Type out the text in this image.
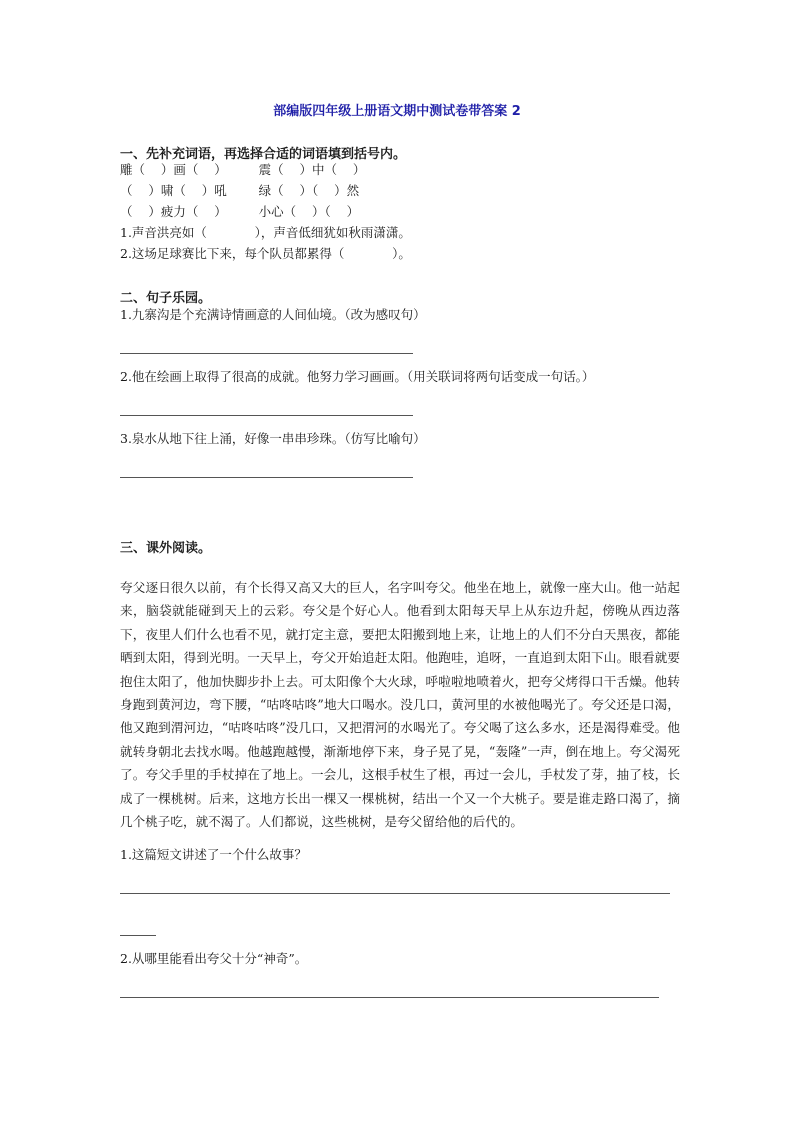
部编版四年级上册语文期中测试卷带答案 2
一、先补充词语，再选择合适的词语填到括号内。
雕（    ）画（    ）        震（    ）中（    ）
（    ）啸（    ）吼        绿（    ）（    ）然
（    ）疲力（    ）        小心（    ）（    ）
1.声音洪亮如（            ），声音低细犹如秋雨潇潇。
2.这场足球赛比下来，每个队员都累得（            ）。
二、句子乐园。
1.九寨沟是个充满诗情画意的人间仙境。（改为感叹句）
2.他在绘画上取得了很高的成就。他努力学习画画。（用关联词将两句话变成一句话。）
3.泉水从地下往上涌，好像一串串珍珠。（仿写比喻句）
三、课外阅读。
夸父逐日很久以前，有个长得又高又大的巨人，名字叫夸父。他坐在地上，就像一座大山。他一站起来，脑袋就能碰到天上的云彩。夸父是个好心人。他看到太阳每天早上从东边升起，傍晚从西边落下，夜里人们什么也看不见，就打定主意，要把太阳搬到地上来，让地上的人们不分白天黑夜，都能晒到太阳，得到光明。一天早上，夸父开始追赶太阳。他跑哇，追呀，一直追到太阳下山。眼看就要抱住太阳了，他加快脚步扑上去。可太阳像个大火球，呼啦啦地喷着火，把夸父烤得口干舌燥。他转身跑到黄河边，弯下腰，“咕咚咕咚”地大口喝水。没几口，黄河里的水被他喝光了。夸父还是口渴，他又跑到渭河边，“咕咚咕咚”没几口，又把渭河的水喝光了。夸父喝了这么多水，还是渴得难受。他就转身朝北去找水喝。他越跑越慢，渐渐地停下来，身子晃了晃，“轰隆”一声，倒在地上。夸父渴死了。夸父手里的手杖掉在了地上。一会儿，这根手杖生了根，再过一会儿，手杖发了芽，抽了枝，长成了一棵桃树。后来，这地方长出一棵又一棵桃树，结出一个又一个大桃子。要是谁走路口渴了，摘几个桃子吃，就不渴了。人们都说，这些桃树，是夸父留给他的后代的。
1.这篇短文讲述了一个什么故事？
2.从哪里能看出夸父十分“神奇”。
